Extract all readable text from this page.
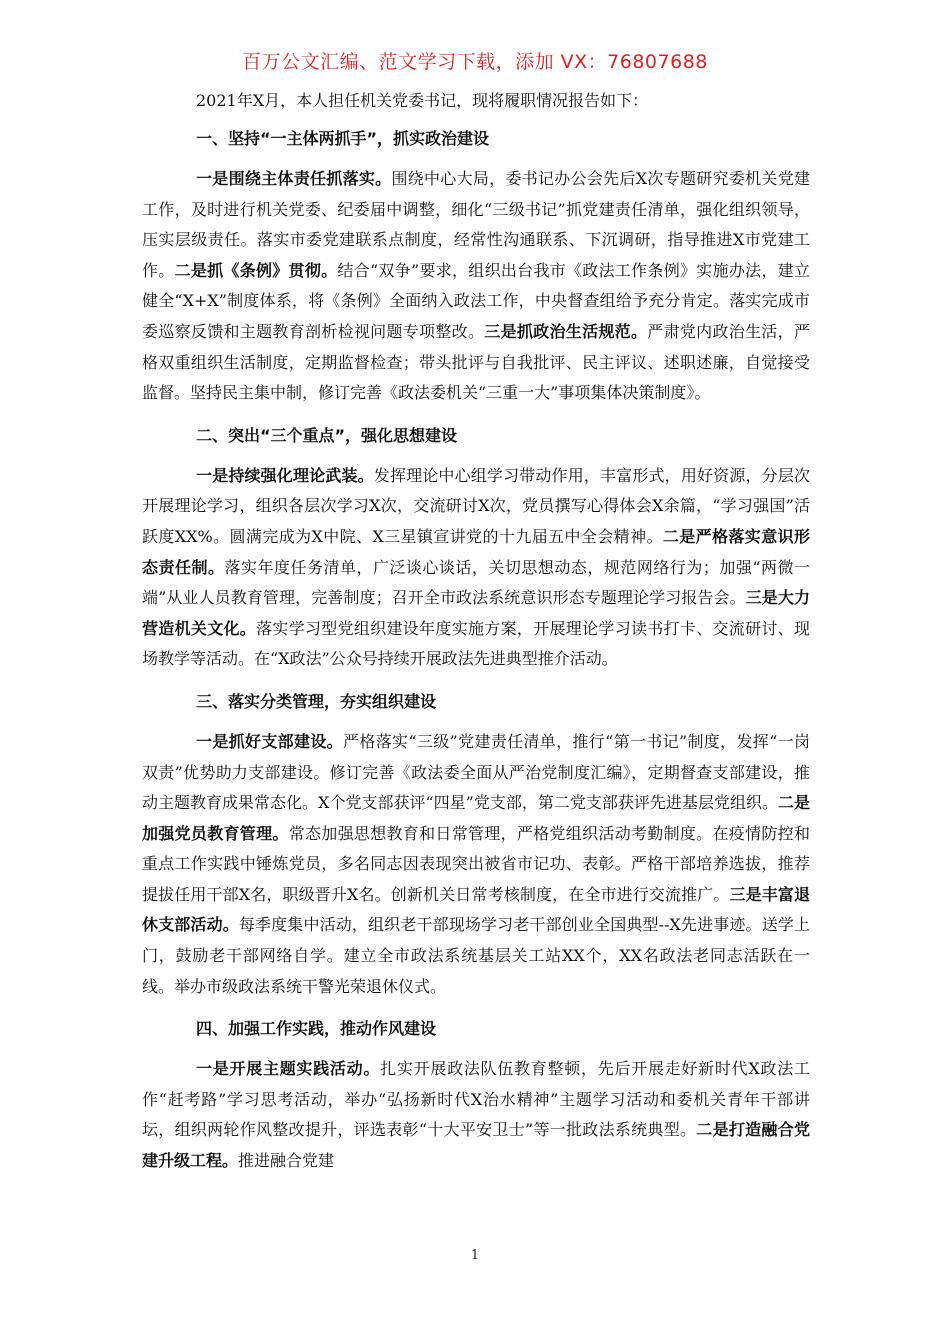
百万公文汇编、范文学习下载，添加 VX：76807688

2021年X月，本人担任机关党委书记，现将履职情况报告如下：

一、坚持“一主体两抓手”，抓实政治建设

一是围绕主体责任抓落实。围绕中心大局，委书记办公会先后X次专题研究委机关党建工作，及时进行机关党委、纪委届中调整，细化“三级书记”抓党建责任清单，强化组织领导，压实层级责任。落实市委党建联系点制度，经常性沟通联系、下沉调研，指导推进X市党建工作。二是抓《条例》贯彻。结合“双争”要求，组织出台我市《政法工作条例》实施办法，建立健全“X+X”制度体系，将《条例》全面纳入政法工作，中央督查组给予充分肯定。落实完成市委巡察反馈和主题教育剖析检视问题专项整改。三是抓政治生活规范。严肃党内政治生活，严格双重组织生活制度，定期监督检查；带头批评与自我批评、民主评议、述职述廉，自觉接受监督。坚持民主集中制，修订完善《政法委机关“三重一大”事项集体决策制度》。

二、突出“三个重点”，强化思想建设

一是持续强化理论武装。发挥理论中心组学习带动作用，丰富形式，用好资源，分层次开展理论学习，组织各层次学习X次，交流研讨X次，党员撰写心得体会X余篇，“学习强国”活跃度XX%。圆满完成为X中院、X三星镇宣讲党的十九届五中全会精神。二是严格落实意识形态责任制。落实年度任务清单，广泛谈心谈话，关切思想动态，规范网络行为；加强“两微一端”从业人员教育管理，完善制度；召开全市政法系统意识形态专题理论学习报告会。三是大力营造机关文化。落实学习型党组织建设年度实施方案，开展理论学习读书打卡、交流研讨、现场教学等活动。在“X政法”公众号持续开展政法先进典型推介活动。

三、落实分类管理，夯实组织建设

一是抓好支部建设。严格落实“三级”党建责任清单，推行“第一书记”制度，发挥“一岗双责”优势助力支部建设。修订完善《政法委全面从严治党制度汇编》，定期督查支部建设，推动主题教育成果常态化。X个党支部获评“四星”党支部，第二党支部获评先进基层党组织。二是加强党员教育管理。常态加强思想教育和日常管理，严格党组织活动考勤制度。在疫情防控和重点工作实践中锤炼党员，多名同志因表现突出被省市记功、表彰。严格干部培养选拔，推荐提拔任用干部X名，职级晋升X名。创新机关日常考核制度，在全市进行交流推广。三是丰富退休支部活动。每季度集中活动，组织老干部现场学习老干部创业全国典型--X先进事迹。送学上门，鼓励老干部网络自学。建立全市政法系统基层关工站XX个，XX名政法老同志活跃在一线。举办市级政法系统干警光荣退休仪式。

四、加强工作实践，推动作风建设

一是开展主题实践活动。扎实开展政法队伍教育整顿，先后开展走好新时代X政法工作“赶考路”学习思考活动，举办“弘扬新时代X治水精神”主题学习活动和委机关青年干部讲坛，组织两轮作风整改提升，评选表彰“十大平安卫士”等一批政法系统典型。二是打造融合党建升级工程。推进融合党建

1
